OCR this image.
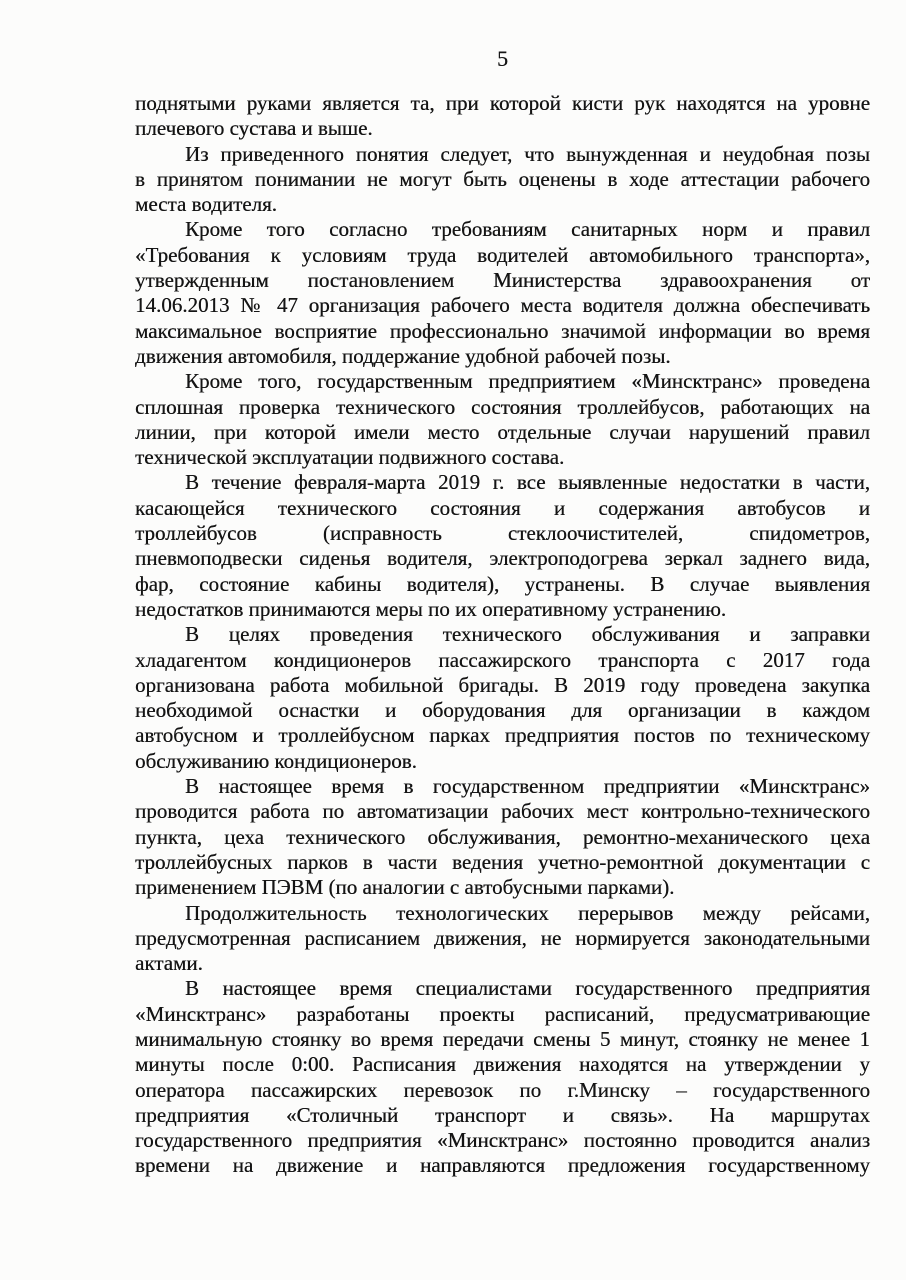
5
поднятыми руками является та, при которой кисти рук находятся на уровне
плечевого сустава и выше.
Из приведенного понятия следует, что вынужденная и неудобная позы
в принятом понимании не могут быть оценены в ходе аттестации рабочего
места водителя.
Кроме того согласно требованиям санитарных норм и правил
«Требования к условиям труда водителей автомобильного транспорта»,
утвержденным постановлением Министерства здравоохранения от
14.06.2013 № 47 организация рабочего места водителя должна обеспечивать
максимальное восприятие профессионально значимой информации во время
движения автомобиля, поддержание удобной рабочей позы.
Кроме того, государственным предприятием «Минсктранс» проведена
сплошная проверка технического состояния троллейбусов, работающих на
линии, при которой имели место отдельные случаи нарушений правил
технической эксплуатации подвижного состава.
В течение февраля-марта 2019 г. все выявленные недостатки в части,
касающейся технического состояния и содержания автобусов и
троллейбусов (исправность стеклоочистителей, спидометров,
пневмоподвески сиденья водителя, электроподогрева зеркал заднего вида,
фар, состояние кабины водителя), устранены. В случае выявления
недостатков принимаются меры по их оперативному устранению.
В целях проведения технического обслуживания и заправки
хладагентом кондиционеров пассажирского транспорта с 2017 года
организована работа мобильной бригады. В 2019 году проведена закупка
необходимой оснастки и оборудования для организации в каждом
автобусном и троллейбусном парках предприятия постов по техническому
обслуживанию кондиционеров.
В настоящее время в государственном предприятии «Минсктранс»
проводится работа по автоматизации рабочих мест контрольно-технического
пункта, цеха технического обслуживания, ремонтно-механического цеха
троллейбусных парков в части ведения учетно-ремонтной документации с
применением ПЭВМ (по аналогии с автобусными парками).
Продолжительность технологических перерывов между рейсами,
предусмотренная расписанием движения, не нормируется законодательными
актами.
В настоящее время специалистами государственного предприятия
«Минсктранс» разработаны проекты расписаний, предусматривающие
минимальную стоянку во время передачи смены 5 минут, стоянку не менее 1
минуты после 0:00. Расписания движения находятся на утверждении у
оператора пассажирских перевозок по г.Минску – государственного
предприятия «Столичный транспорт и связь». На маршрутах
государственного предприятия «Минсктранс» постоянно проводится анализ
времени на движение и направляются предложения государственному
